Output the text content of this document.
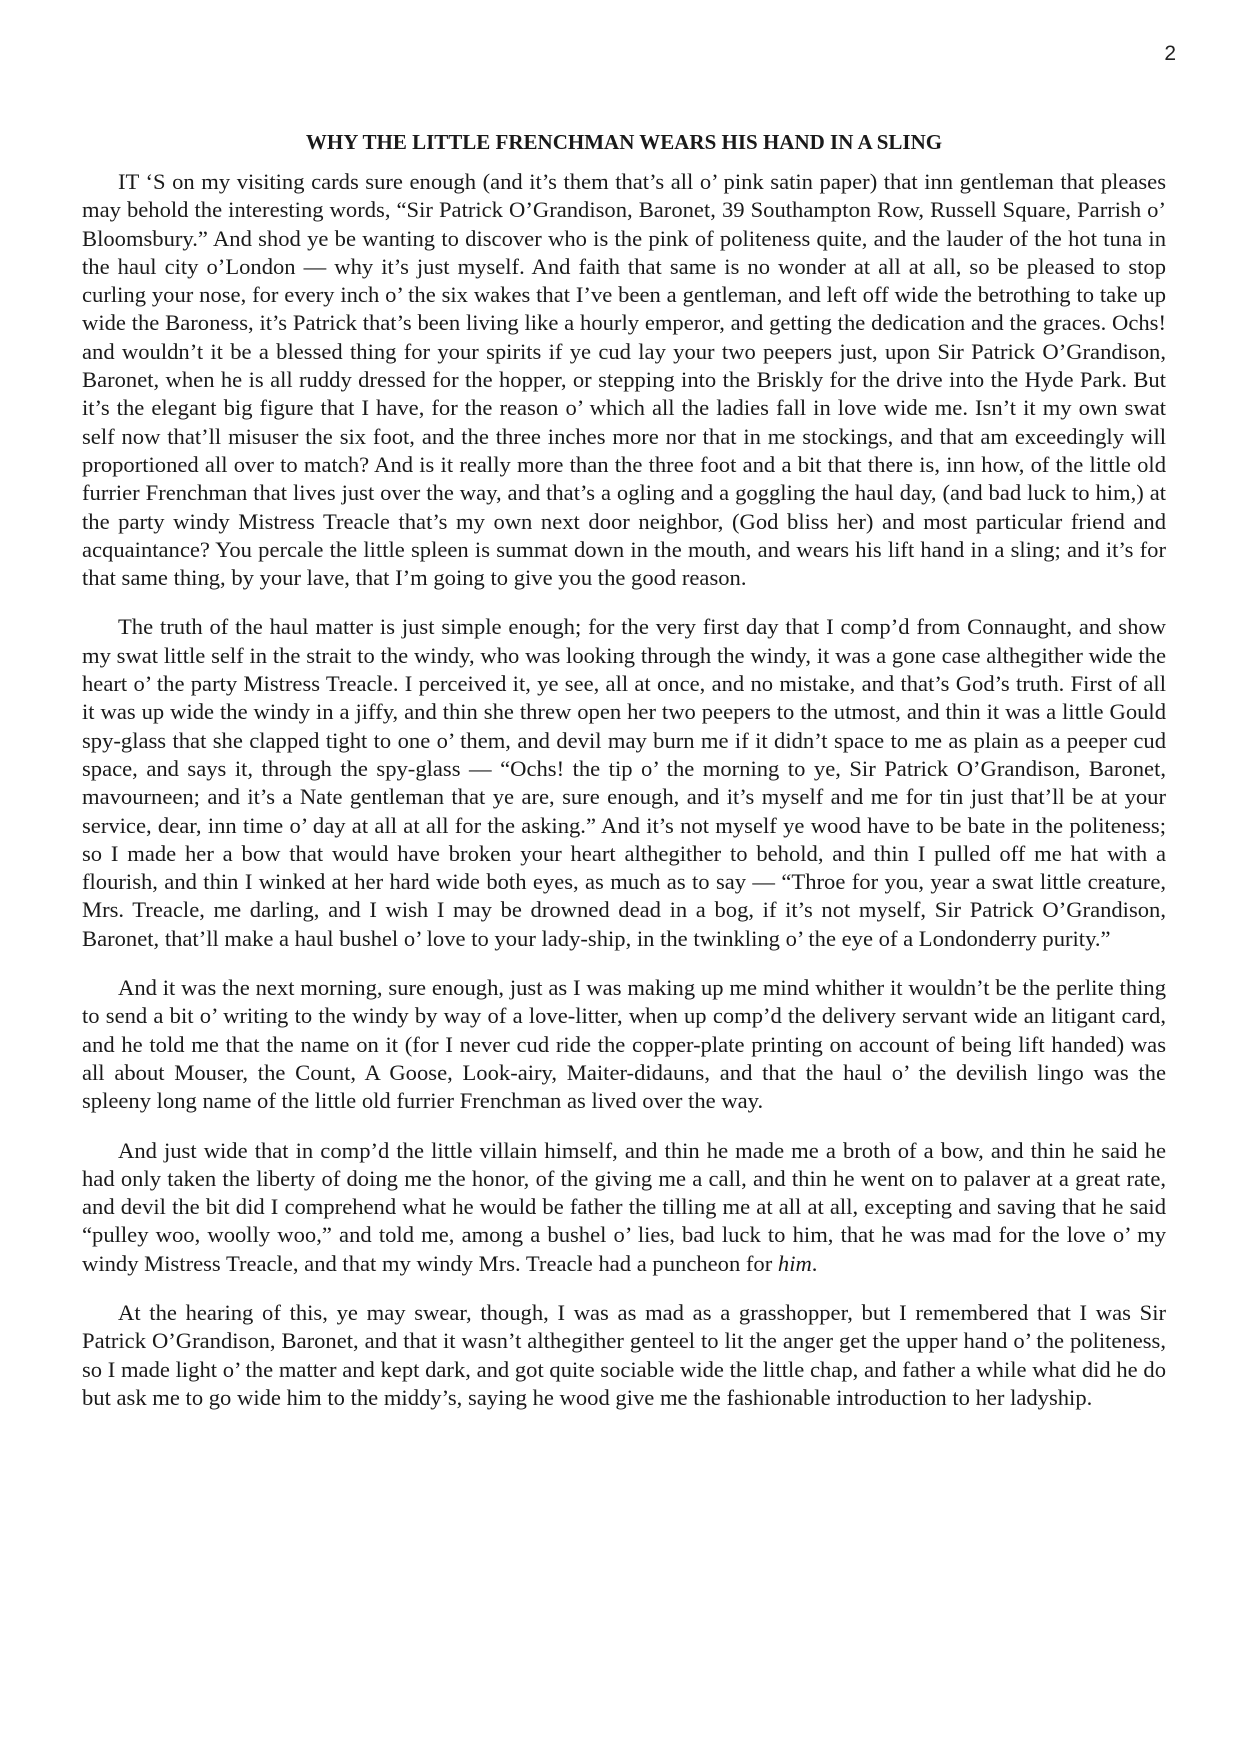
2
WHY THE LITTLE FRENCHMAN WEARS HIS HAND IN A SLING

IT ‘S on my visiting cards sure enough (and it’s them that’s all o’ pink satin paper) that inn gentleman that pleases may behold the interesting words, “Sir Patrick O’Grandison, Baronet, 39 Southampton Row, Russell Square, Parrish o’ Bloomsbury.” And shod ye be wanting to discover who is the pink of politeness quite, and the lauder of the hot tuna in the haul city o’London — why it’s just myself. And faith that same is no wonder at all at all, so be pleased to stop curling your nose, for every inch o’ the six wakes that I’ve been a gentleman, and left off wide the betrothing to take up wide the Baroness, it’s Patrick that’s been living like a hourly emperor, and getting the dedication and the graces. Ochs! and wouldn’t it be a blessed thing for your spirits if ye cud lay your two peepers just, upon Sir Patrick O’Grandison, Baronet, when he is all ruddy dressed for the hopper, or stepping into the Briskly for the drive into the Hyde Park. But it’s the elegant big figure that I have, for the reason o’ which all the ladies fall in love wide me. Isn’t it my own swat self now that’ll misuser the six foot, and the three inches more nor that in me stockings, and that am exceedingly will proportioned all over to match? And is it really more than the three foot and a bit that there is, inn how, of the little old furrier Frenchman that lives just over the way, and that’s a ogling and a goggling the haul day, (and bad luck to him,) at the party windy Mistress Treacle that’s my own next door neighbor, (God bliss her) and most particular friend and acquaintance? You percale the little spleen is summat down in the mouth, and wears his lift hand in a sling; and it’s for that same thing, by your lave, that I’m going to give you the good reason.

The truth of the haul matter is just simple enough; for the very first day that I comp’d from Connaught, and show my swat little self in the strait to the windy, who was looking through the windy, it was a gone case althegither wide the heart o’ the party Mistress Treacle. I perceived it, ye see, all at once, and no mistake, and that’s God’s truth. First of all it was up wide the windy in a jiffy, and thin she threw open her two peepers to the utmost, and thin it was a little Gould spy-glass that she clapped tight to one o’ them, and devil may burn me if it didn’t space to me as plain as a peeper cud space, and says it, through the spy-glass — “Ochs! the tip o’ the morning to ye, Sir Patrick O’Grandison, Baronet, mavourneen; and it’s a Nate gentleman that ye are, sure enough, and it’s myself and me for tin just that’ll be at your service, dear, inn time o’ day at all at all for the asking.” And it’s not myself ye wood have to be bate in the politeness; so I made her a bow that would have broken your heart althegither to behold, and thin I pulled off me hat with a flourish, and thin I winked at her hard wide both eyes, as much as to say — “Throe for you, year a swat little creature, Mrs. Treacle, me darling, and I wish I may be drowned dead in a bog, if it’s not myself, Sir Patrick O’Grandison, Baronet, that’ll make a haul bushel o’ love to your lady-ship, in the twinkling o’ the eye of a Londonderry purity.”

And it was the next morning, sure enough, just as I was making up me mind whither it wouldn’t be the perlite thing to send a bit o’ writing to the windy by way of a love-litter, when up comp’d the delivery servant wide an litigant card, and he told me that the name on it (for I never cud ride the copper-plate printing on account of being lift handed) was all about Mouser, the Count, A Goose, Look-airy, Maiter-didauns, and that the haul o’ the devilish lingo was the spleeny long name of the little old furrier Frenchman as lived over the way.

And just wide that in comp’d the little villain himself, and thin he made me a broth of a bow, and thin he said he had only taken the liberty of doing me the honor, of the giving me a call, and thin he went on to palaver at a great rate, and devil the bit did I comprehend what he would be father the tilling me at all at all, excepting and saving that he said “pulley woo, woolly woo,” and told me, among a bushel o’ lies, bad luck to him, that he was mad for the love o’ my windy Mistress Treacle, and that my windy Mrs. Treacle had a puncheon for him.

At the hearing of this, ye may swear, though, I was as mad as a grasshopper, but I remembered that I was Sir Patrick O’Grandison, Baronet, and that it wasn’t althegither genteel to lit the anger get the upper hand o’ the politeness, so I made light o’ the matter and kept dark, and got quite sociable wide the little chap, and father a while what did he do but ask me to go wide him to the middy’s, saying he wood give me the fashionable introduction to her ladyship.
